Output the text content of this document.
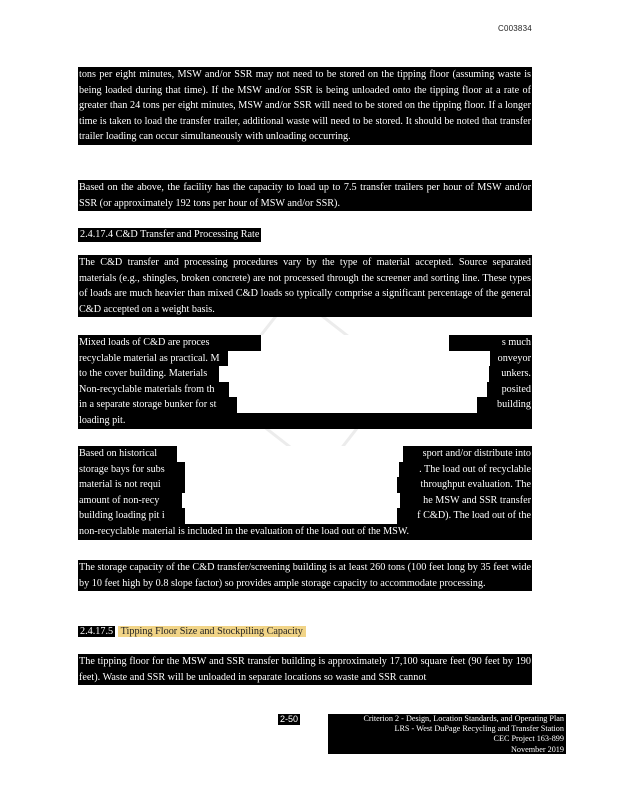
C003834

tons per eight minutes, MSW and/or SSR may not need to be stored on the tipping floor (assuming waste is being loaded during that time). If the MSW and/or SSR is being unloaded onto the tipping floor at a rate of greater than 24 tons per eight minutes, MSW and/or SSR will need to be stored on the tipping floor. If a longer time is taken to load the transfer trailer, additional waste will need to be stored. It should be noted that transfer trailer loading can occur simultaneously with unloading occurring.

Based on the above, the facility has the capacity to load up to 7.5 transfer trailers per hour of MSW and/or SSR (or approximately 192 tons per hour of MSW and/or SSR).

2.4.17.4 C&D Transfer and Processing Rate

The C&D transfer and processing procedures vary by the type of material accepted. Source separated materials (e.g., shingles, broken concrete) are not processed through the screener and sorting line. These types of loads are much heavier than mixed C&D loads so typically comprise a significant percentage of the general C&D accepted on a weight basis.

Mixed loads of C&D are proces	s much
recyclable material as practical. M	onveyor
to the cover building. Materials	unkers.
Non-recyclable materials from th	posited
in a separate storage bunker for st	building
loading pit.
Based on historical	sport and/or distribute into
storage bays for subs	. The load out of recyclable
material is not requi	throughput evaluation. The
amount of non-recy	he MSW and SSR transfer
building loading pit i	f C&D). The load out of the
non-recyclable material is included in the evaluation of the load out of the MSW.

The storage capacity of the C&D transfer/screening building is at least 260 tons (100 feet long by 35 feet wide by 10 feet high by 0.8 slope factor) so provides ample storage capacity to accommodate processing.

2.4.17.5 Tipping Floor Size and Stockpiling Capacity

The tipping floor for the MSW and SSR transfer building is approximately 17,100 square feet (90 feet by 190 feet). Waste and SSR will be unloaded in separate locations so waste and SSR cannot

2-50	Criterion 2 - Design, Location Standards, and Operating Plan
LRS - West DuPage Recycling and Transfer Station
CEC Project 163-899
November 2019
